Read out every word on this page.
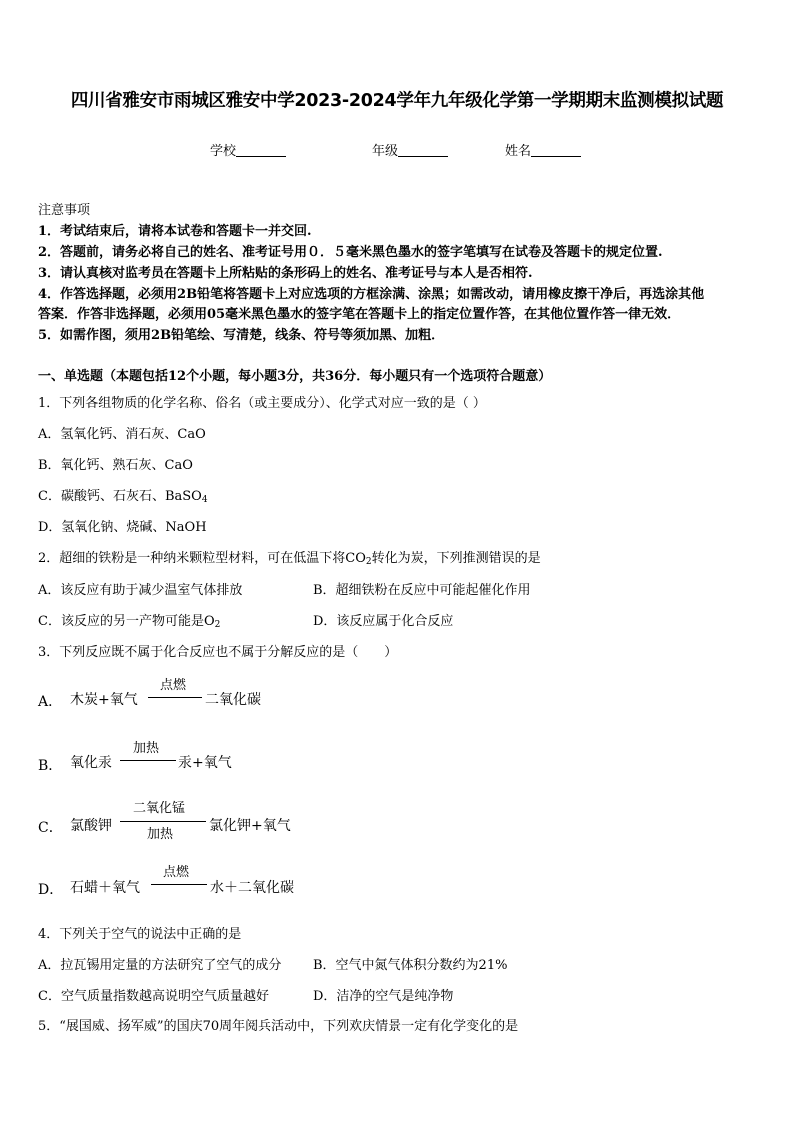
四川省雅安市雨城区雅安中学2023-2024学年九年级化学第一学期期末监测模拟试题
学校	年级	姓名
注意事项
1．考试结束后，请将本试卷和答题卡一并交回.
2．答题前，请务必将自己的姓名、准考证号用０．５毫米黑色墨水的签字笔填写在试卷及答题卡的规定位置.
3．请认真核对监考员在答题卡上所粘贴的条形码上的姓名、准考证号与本人是否相符.
4．作答选择题，必须用2B铅笔将答题卡上对应选项的方框涂满、涂黑；如需改动，请用橡皮擦干净后，再选涂其他
答案．作答非选择题，必须用05毫米黑色墨水的签字笔在答题卡上的指定位置作答，在其他位置作答一律无效．
5．如需作图，须用2B铅笔绘、写清楚，线条、符号等须加黑、加粗．
一、单选题（本题包括12个小题，每小题3分，共36分．每小题只有一个选项符合题意）
1．下列各组物质的化学名称、俗名（或主要成分）、化学式对应一致的是（ ）
A．氢氧化钙、消石灰、CaO
B．氧化钙、熟石灰、CaO
C．碳酸钙、石灰石、BaSO$_4$
D．氢氧化钠、烧碱、NaOH
2．超细的铁粉是一种纳米颗粒型材料，可在低温下将$CO_2$转化为炭，下列推测错误的是
A．该反应有助于减少温室气体排放	B．超细铁粉在反应中可能起催化作用
C．该反应的另一产物可能是$O_2$	D．该反应属于化合反应
3．下列反应既不属于化合反应也不属于分解反应的是（　　）
A． 木炭+氧气
点燃
二氧化碳
B． 氧化汞
加热
汞+氧气
C． 氯酸钾
二氧化锰
加热
氯化钾+氧气
D． 石蜡＋氧气
点燃
水＋二氧化碳
4．下列关于空气的说法中正确的是
A．拉瓦锡用定量的方法研究了空气的成分 B．空气中氮气体积分数约为21%
C．空气质量指数越高说明空气质量越好	D．洁净的空气是纯净物
5．“展国威、扬军威”的国庆70周年阅兵活动中，下列欢庆情景一定有化学变化的是
